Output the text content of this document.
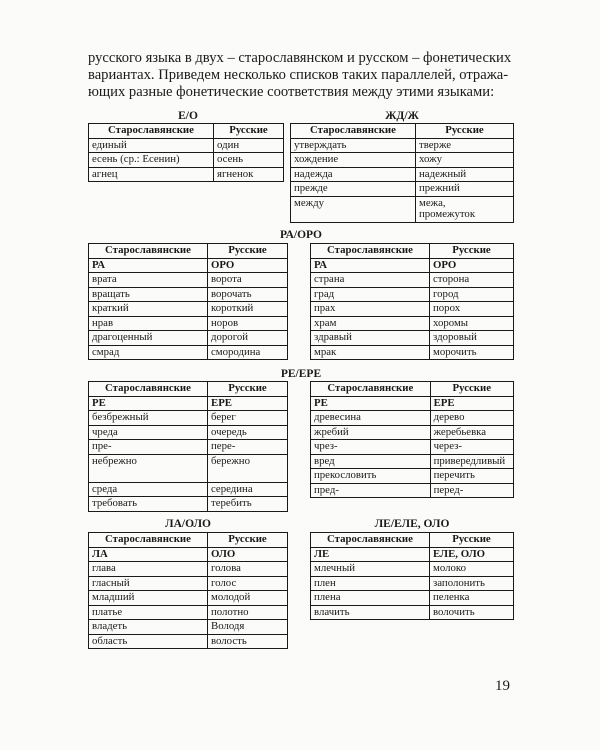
русского языка в двух – старославянском и русском – фонетических
вариантах. Приведем несколько списков таких параллелей, отража-
ющих разные фонетические соответствия между этими языками:
Е/О	ЖД/Ж
РА/ОРО
РЕ/ЕРЕ
ЛА/ОЛО	ЛЕ/ЕЛЕ, ОЛО
Старославянские	Русские
единый	один
есень (ср.: Есенин)	осень
агнец	ягненок
Старославянские	Русские
утверждать	тверже
хождение	хожу
надежда	надежный
прежде	прежний
между	межа,
промежуток
Старославянские	Русские
РА	ОРО
врата	ворота
вращать	ворочать
краткий	короткий
нрав	норов
драгоценный	дорогой
смрад	смородина
Старославянские	Русские
РА	ОРО
страна	сторона
град	город
прах	порох
храм	хоромы
здравый	здоровый
мрак	морочить
Старославянские	Русские
РЕ	ЕРЕ
безбрежный	берег
чреда	очередь
пре-	пере-
небрежно	бережно
среда	середина
требовать	теребить
Старославянские	Русские
РЕ	ЕРЕ
древесина	дерево
жребий	жеребьевка
чрез-	через-
вред	привередливый
прекословить	перечить
пред-	перед-
Старославянские	Русские
ЛА	ОЛО
глава	голова
гласный	голос
младший	молодой
платье	полотно
владеть	Володя
область	волость
Старославянские	Русские
ЛЕ	ЕЛЕ, ОЛО
млечный	молоко
плен	заполонить
плена	пеленка
влачить	волочить
19
